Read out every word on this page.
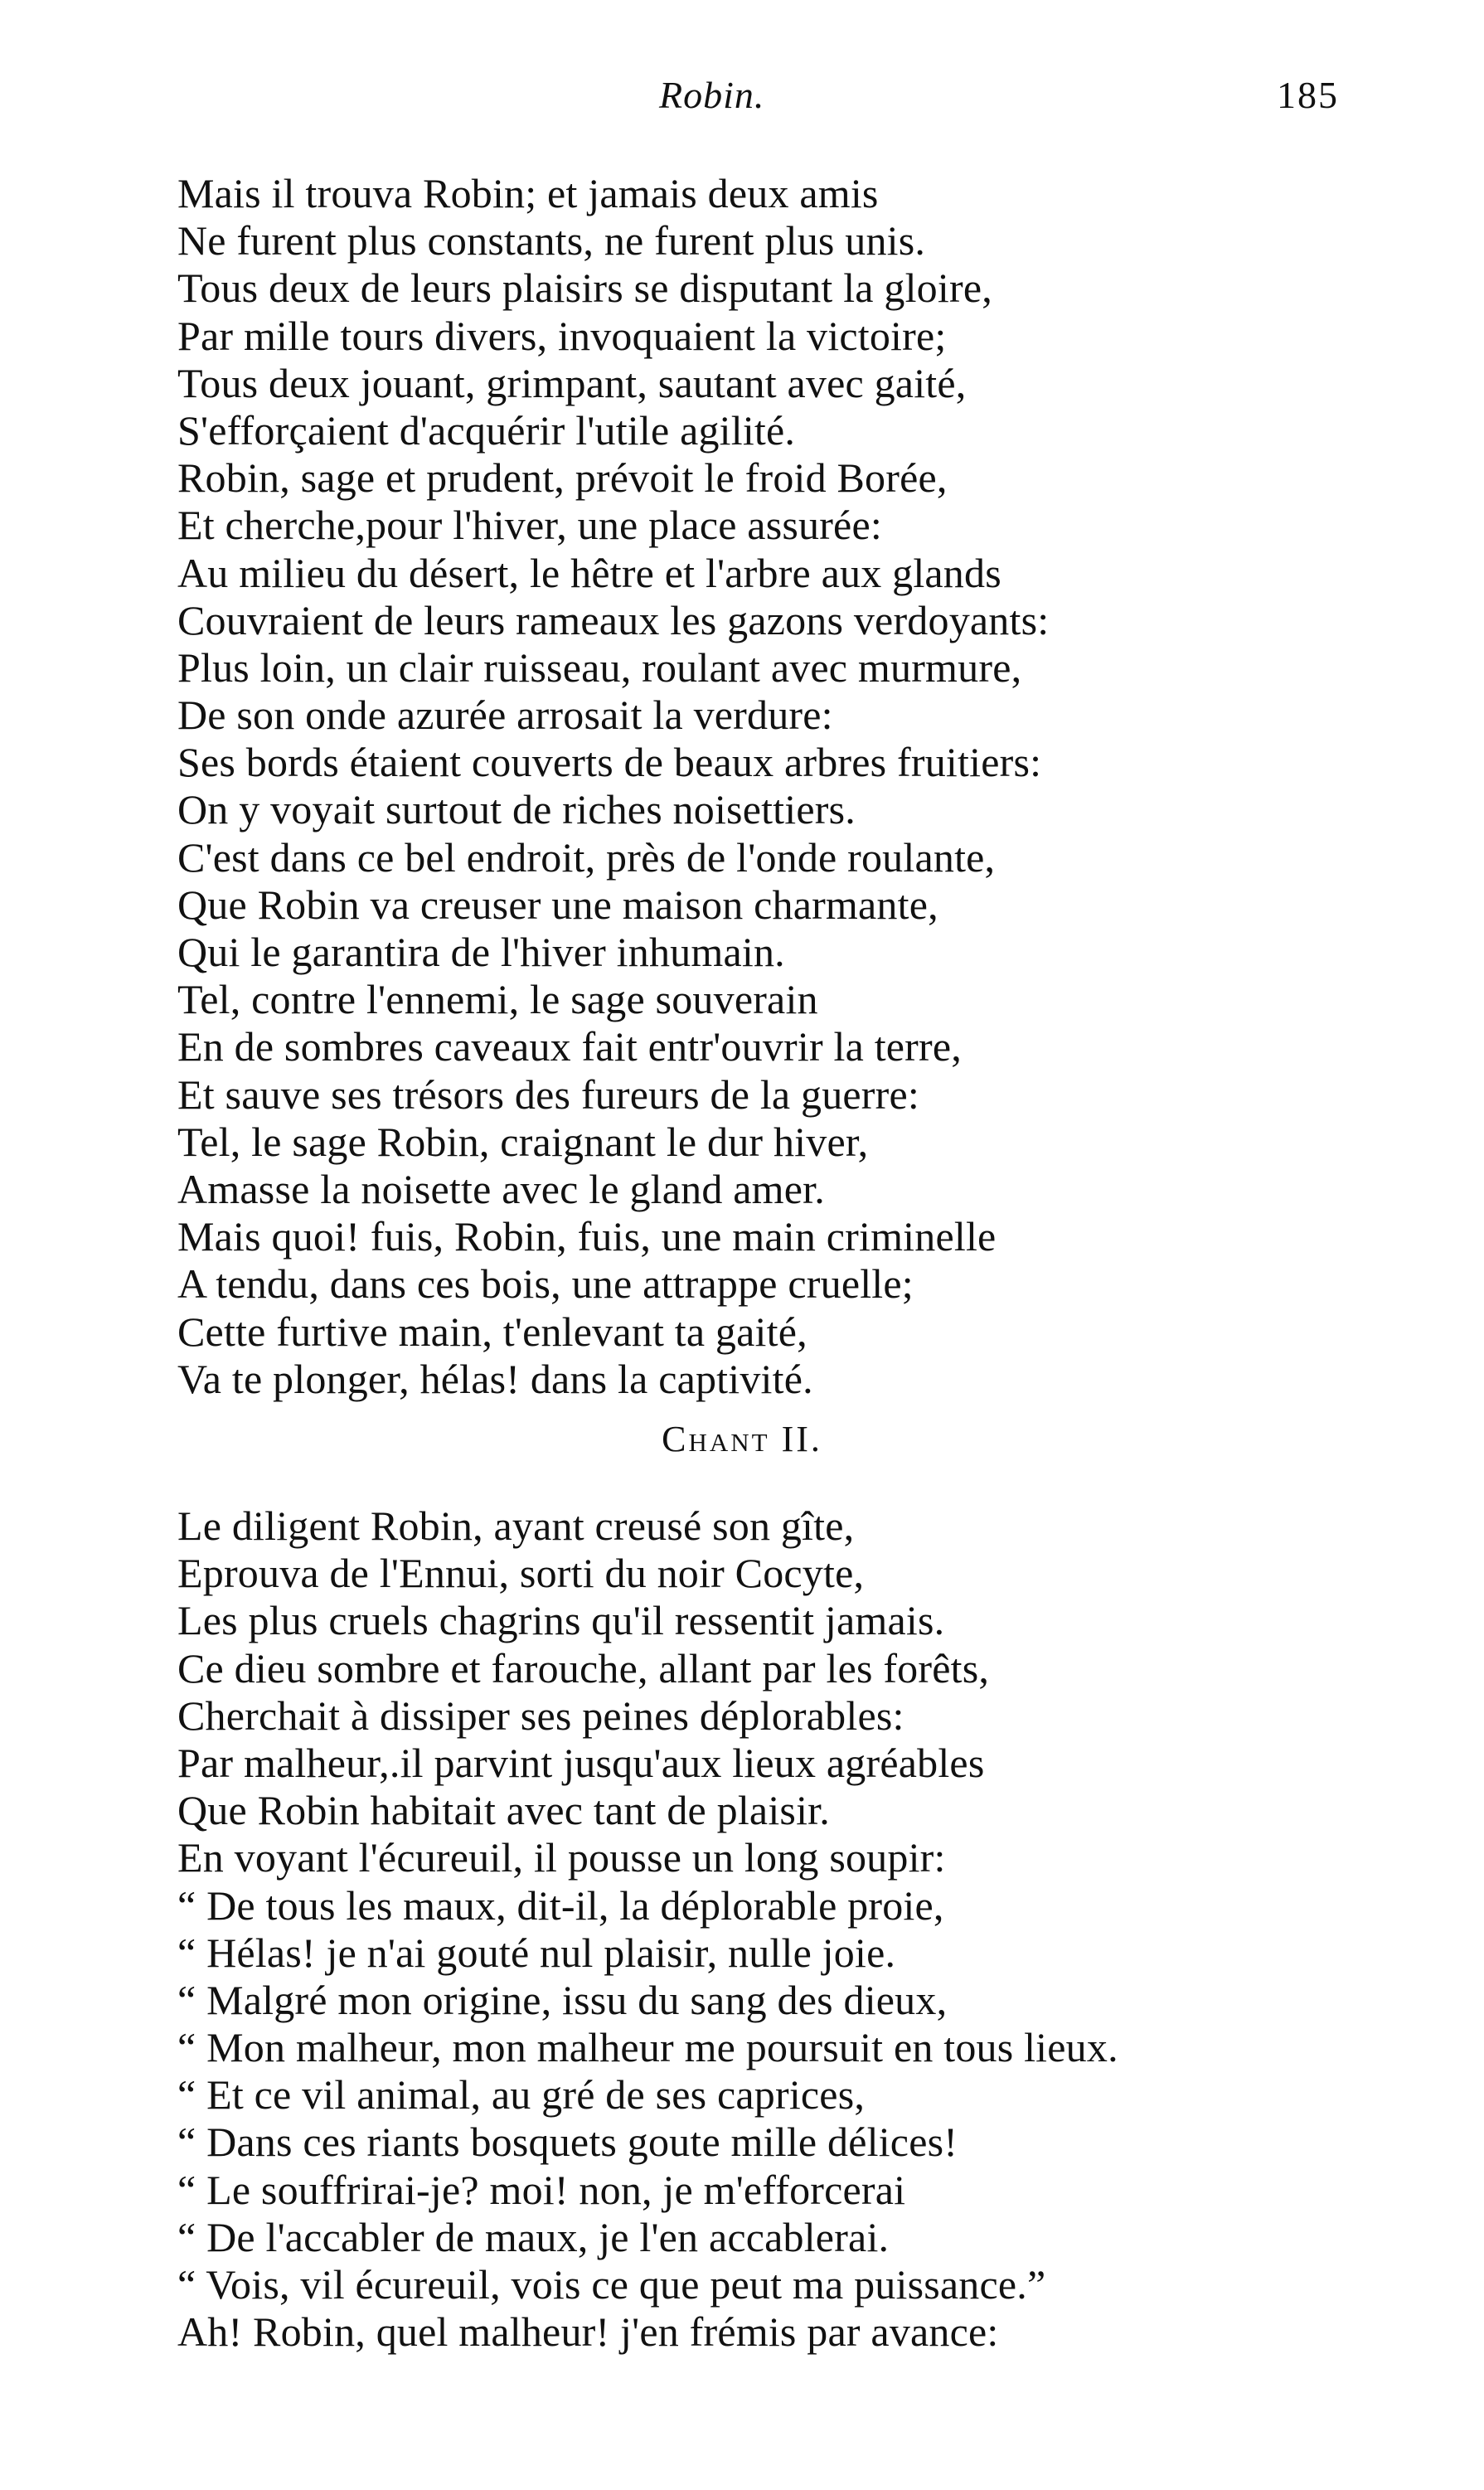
Robin.	185
Mais il trouva Robin; et jamais deux amis
Ne furent plus constants, ne furent plus unis.
Tous deux de leurs plaisirs se disputant la gloire,
Par mille tours divers, invoquaient la victoire;
Tous deux jouant, grimpant, sautant avec gaité,
S'efforçaient d'acquérir l'utile agilité.
Robin, sage et prudent, prévoit le froid Borée,
Et cherche,pour l'hiver, une place assurée:
Au milieu du désert, le hêtre et l'arbre aux glands
Couvraient de leurs rameaux les gazons verdoyants:
Plus loin, un clair ruisseau, roulant avec murmure,
De son onde azurée arrosait la verdure:
Ses bords étaient couverts de beaux arbres fruitiers:
On y voyait surtout de riches noisettiers.
C'est dans ce bel endroit, près de l'onde roulante,
Que Robin va creuser une maison charmante,
Qui le garantira de l'hiver inhumain.
Tel, contre l'ennemi, le sage souverain
En de sombres caveaux fait entr'ouvrir la terre,
Et sauve ses trésors des fureurs de la guerre:
Tel, le sage Robin, craignant le dur hiver,
Amasse la noisette avec le gland amer.
Mais quoi! fuis, Robin, fuis, une main criminelle
A tendu, dans ces bois, une attrappe cruelle;
Cette furtive main, t'enlevant ta gaité,
Va te plonger, hélas! dans la captivité.
Chant II.
Le diligent Robin, ayant creusé son gîte,
Eprouva de l'Ennui, sorti du noir Cocyte,
Les plus cruels chagrins qu'il ressentit jamais.
Ce dieu sombre et farouche, allant par les forêts,
Cherchait à dissiper ses peines déplorables:
Par malheur,.il parvint jusqu'aux lieux agréables
Que Robin habitait avec tant de plaisir.
En voyant l'écureuil, il pousse un long soupir:
“ De tous les maux, dit-il, la déplorable proie,
“ Hélas! je n'ai gouté nul plaisir, nulle joie.
“ Malgré mon origine, issu du sang des dieux,
“ Mon malheur, mon malheur me poursuit en tous lieux.
“ Et ce vil animal, au gré de ses caprices,
“ Dans ces riants bosquets goute mille délices!
“ Le souffrirai-je? moi! non, je m'efforcerai
“ De l'accabler de maux, je l'en accablerai.
“ Vois, vil écureuil, vois ce que peut ma puissance.”
Ah! Robin, quel malheur! j'en frémis par avance:
